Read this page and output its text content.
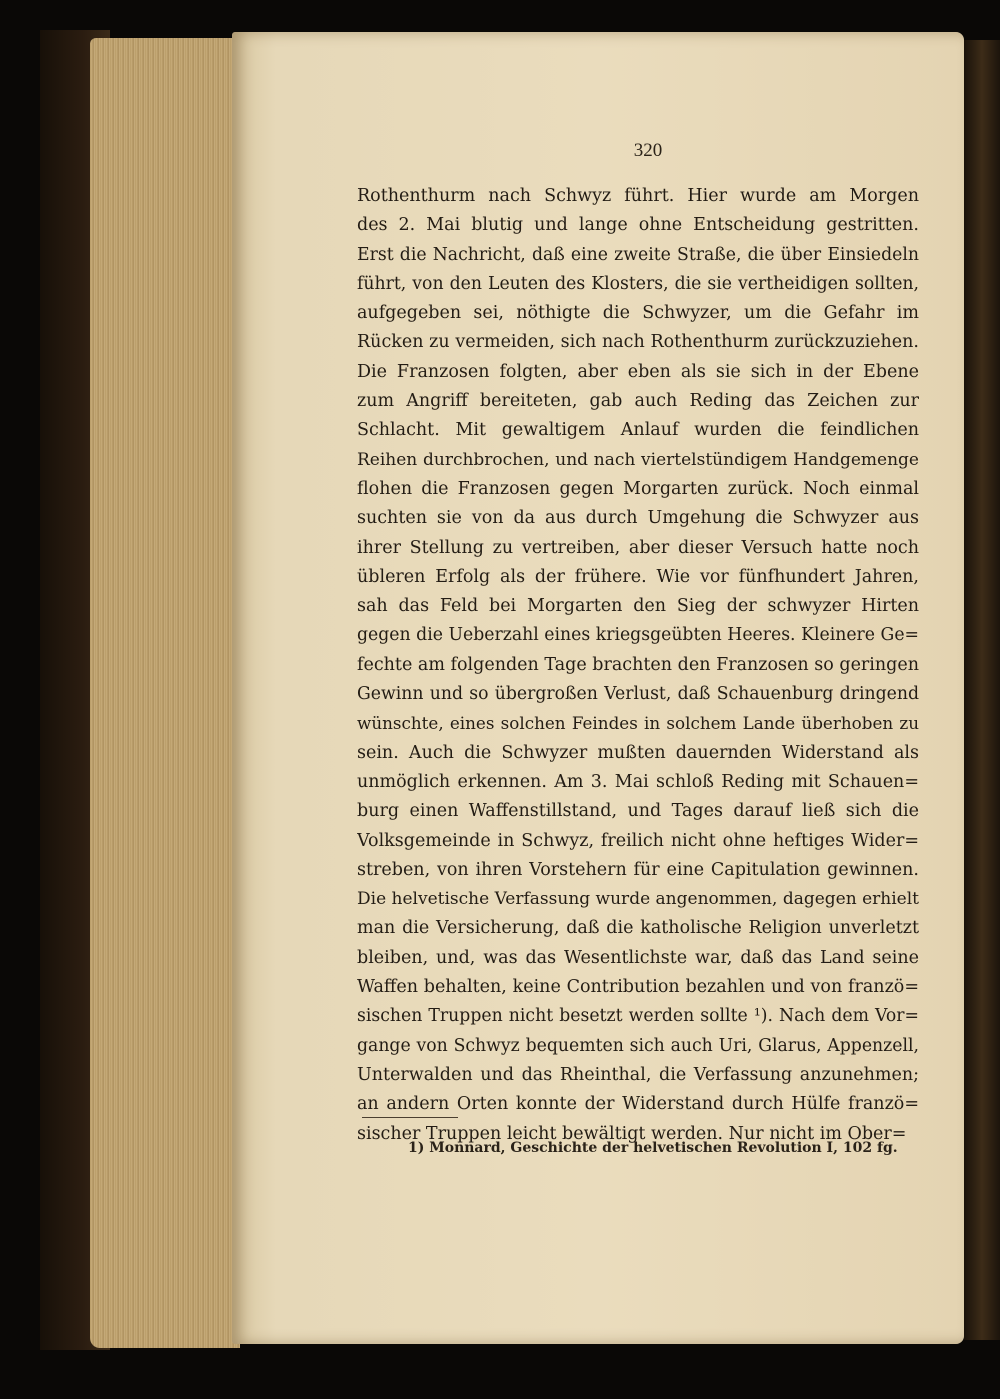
320
Rothenthurm nach Schwyz führt. Hier wurde am Morgen
des 2. Mai blutig und lange ohne Entscheidung gestritten.
Erst die Nachricht, daß eine zweite Straße, die über Einsiedeln
führt, von den Leuten des Klosters, die sie vertheidigen sollten,
aufgegeben sei, nöthigte die Schwyzer, um die Gefahr im
Rücken zu vermeiden, sich nach Rothenthurm zurückzuziehen.
Die Franzosen folgten, aber eben als sie sich in der Ebene
zum Angriff bereiteten, gab auch Reding das Zeichen zur
Schlacht. Mit gewaltigem Anlauf wurden die feindlichen
Reihen durchbrochen, und nach viertelstündigem Handgemenge
flohen die Franzosen gegen Morgarten zurück. Noch einmal
suchten sie von da aus durch Umgehung die Schwyzer aus
ihrer Stellung zu vertreiben, aber dieser Versuch hatte noch
übleren Erfolg als der frühere. Wie vor fünfhundert Jahren,
sah das Feld bei Morgarten den Sieg der schwyzer Hirten
gegen die Ueberzahl eines kriegsgeübten Heeres. Kleinere Ge=
fechte am folgenden Tage brachten den Franzosen so geringen
Gewinn und so übergroßen Verlust, daß Schauenburg dringend
wünschte, eines solchen Feindes in solchem Lande überhoben zu
sein. Auch die Schwyzer mußten dauernden Widerstand als
unmöglich erkennen. Am 3. Mai schloß Reding mit Schauen=
burg einen Waffenstillstand, und Tages darauf ließ sich die
Volksgemeinde in Schwyz, freilich nicht ohne heftiges Wider=
streben, von ihren Vorstehern für eine Capitulation gewinnen.
Die helvetische Verfassung wurde angenommen, dagegen erhielt
man die Versicherung, daß die katholische Religion unverletzt
bleiben, und, was das Wesentlichste war, daß das Land seine
Waffen behalten, keine Contribution bezahlen und von franzö=
sischen Truppen nicht besetzt werden sollte ¹). Nach dem Vor=
gange von Schwyz bequemten sich auch Uri, Glarus, Appenzell,
Unterwalden und das Rheinthal, die Verfassung anzunehmen;
an andern Orten konnte der Widerstand durch Hülfe franzö=
sischer Truppen leicht bewältigt werden. Nur nicht im Ober=
1) Monnard, Geschichte der helvetischen Revolution I, 102 fg.
